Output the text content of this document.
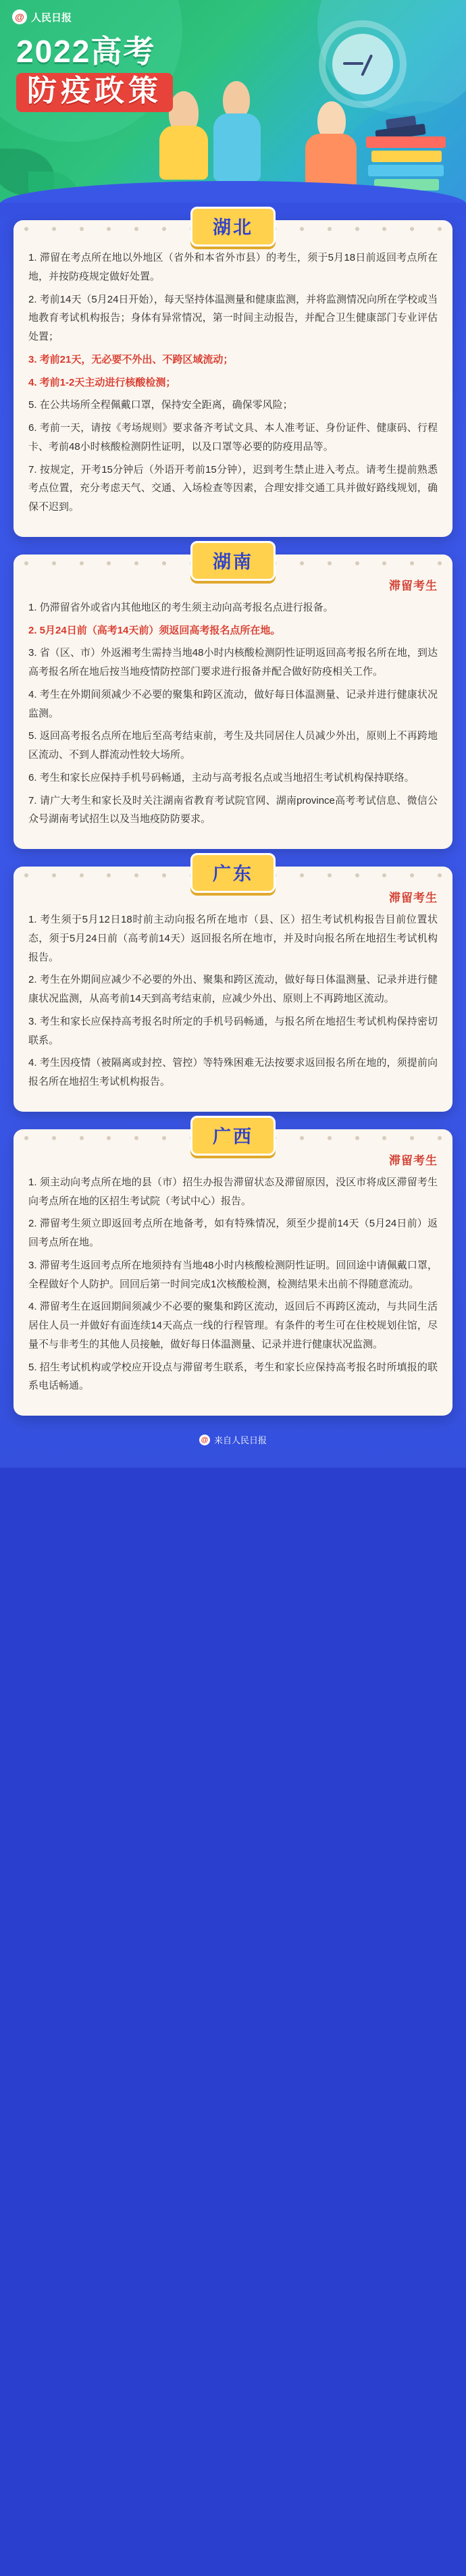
@ 人民日报
2022高考
防疫政策
湖北
1. 滞留在考点所在地以外地区（省外和本省外市县）的考生，须于5月18日前返回考点所在地，并按防疫规定做好处置。
2. 考前14天（5月24日开始），每天坚持体温测量和健康监测，并将监测情况向所在学校或当地教育考试机构报告；身体有异常情况，第一时间主动报告，并配合卫生健康部门专业评估处置；
3. 考前21天，无必要不外出、不跨区域流动；
4. 考前1-2天主动进行核酸检测；
5. 在公共场所全程佩戴口罩，保持安全距离，确保零风险；
6. 考前一天，请按《考场规则》要求备齐考试文具、本人准考证、身份证件、健康码、行程卡、考前48小时核酸检测阴性证明，以及口罩等必要的防疫用品等。
7. 按规定，开考15分钟后（外语开考前15分钟），迟到考生禁止进入考点。请考生提前熟悉考点位置，充分考虑天气、交通、入场检查等因素，合理安排交通工具并做好路线规划，确保不迟到。
湖南
滞留考生
1. 仍滞留省外或省内其他地区的考生须主动向高考报名点进行报备。
2. 5月24日前（高考14天前）须返回高考报名点所在地。
3. 省（区、市）外返湘考生需持当地48小时内核酸检测阴性证明返回高考报名所在地，到达高考报名所在地后按当地疫情防控部门要求进行报备并配合做好防疫相关工作。
4. 考生在外期间须减少不必要的聚集和跨区流动，做好每日体温测量、记录并进行健康状况监测。
5. 返回高考报名点所在地后至高考结束前，考生及共同居住人员减少外出，原则上不再跨地区流动、不到人群流动性较大场所。
6. 考生和家长应保持手机号码畅通，主动与高考报名点或当地招生考试机构保持联络。
7. 请广大考生和家长及时关注湖南省教育考试院官网、湖南province高考考试信息、微信公众号湖南考试招生以及当地疫防防要求。
广东
滞留考生
1. 考生须于5月12日18时前主动向报名所在地市（县、区）招生考试机构报告目前位置状态，须于5月24日前（高考前14天）返回报名所在地市，并及时向报名所在地招生考试机构报告。
2. 考生在外期间应减少不必要的外出、聚集和跨区流动，做好每日体温测量、记录并进行健康状况监测，从高考前14天到高考结束前，应减少外出、原则上不再跨地区流动。
3. 考生和家长应保持高考报名时所定的手机号码畅通，与报名所在地招生考试机构保持密切联系。
4. 考生因疫情（被隔离或封控、管控）等特殊困难无法按要求返回报名所在地的，须提前向报名所在地招生考试机构报告。
广西
滞留考生
1. 须主动向考点所在地的县（市）招生办报告滞留状态及滞留原因，没区市将成区滞留考生向考点所在地的区招生考试院（考试中心）报告。
2. 滞留考生须立即返回考点所在地备考，如有特殊情况，须至少提前14天（5月24日前）返回考点所在地。
3. 滞留考生返回考点所在地须持有当地48小时内核酸检测阴性证明。回回途中请佩戴口罩，全程做好个人防护。回回后第一时间完成1次核酸检测，检测结果未出前不得随意流动。
4. 滞留考生在返回期间须减少不必要的聚集和跨区流动，返回后不再跨区流动，与共同生活居住人员一并做好有面连续14天高点一线的行程管理。有条件的考生可在住校规划住馆，尽量不与非考生的其他人员接触，做好每日体温测量、记录并进行健康状况监测。
5. 招生考试机构或学校应开设点与滞留考生联系，考生和家长应保持高考报名时所填报的联系电话畅通。
@ 来自人民日报
